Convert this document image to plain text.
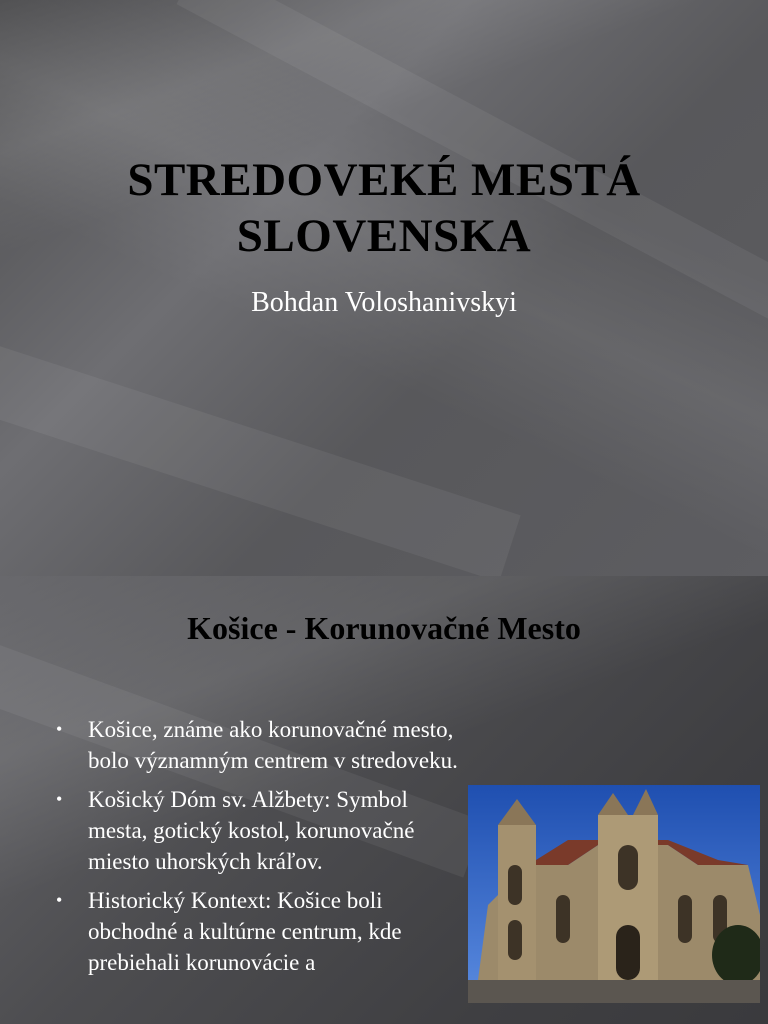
STREDOVEKÉ MESTÁ
SLOVENSKA
Bohdan Voloshanivskyi
Košice - Korunovačné Mesto
• Košice, známe ako korunovačné mesto, bolo významným centrem v stredoveku.
• Košický Dóm sv. Alžbety: Symbol mesta, gotický kostol, korunovačné miesto uhorských kráľov.
• Historický Kontext: Košice boli obchodné a kultúrne centrum, kde prebiehali korunovácie a
